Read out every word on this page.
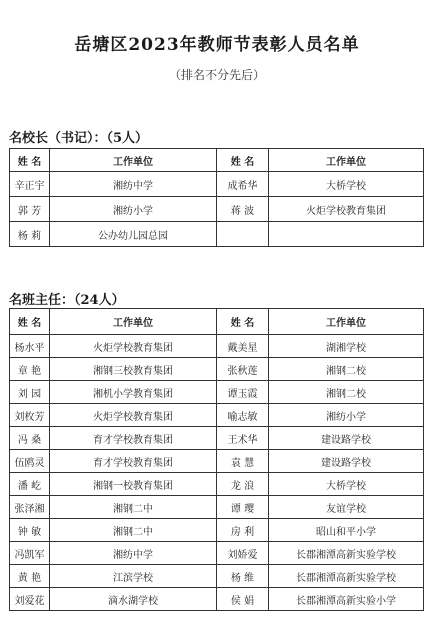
岳塘区2023年教师节表彰人员名单
（排名不分先后）
名校长（书记）：（5人）
姓 名	工作单位	姓 名	工作单位
辛正宇	湘纺中学	成希华	大桥学校
郭 芳	湘纺小学	蒋 波	火炬学校教育集团
杨 莉	公办幼儿园总园		
名班主任：（24人）
姓 名	工作单位	姓 名	工作单位
杨水平	火炬学校教育集团	戴美星	湖湘学校
章 艳	湘钢三校教育集团	张秋莲	湘钢二校
刘 园	湘机小学教育集团	谭玉霞	湘钢二校
刘枚芳	火炬学校教育集团	喻志敏	湘纺小学
冯 桑	育才学校教育集团	王术华	建设路学校
伍鸥灵	育才学校教育集团	袁 慧	建设路学校
潘 屹	湘钢一校教育集团	龙 浪	大桥学校
张泽湘	湘钢二中	谭 璎	友谊学校
钟 敏	湘钢二中	房 利	昭山和平小学
冯凯军	湘纺中学	刘娇爱	长郡湘潭高新实验学校
黄 艳	江滨学校	杨 维	长郡湘潭高新实验学校
刘爱花	滴水湖学校	侯 娟	长郡湘潭高新实验小学
